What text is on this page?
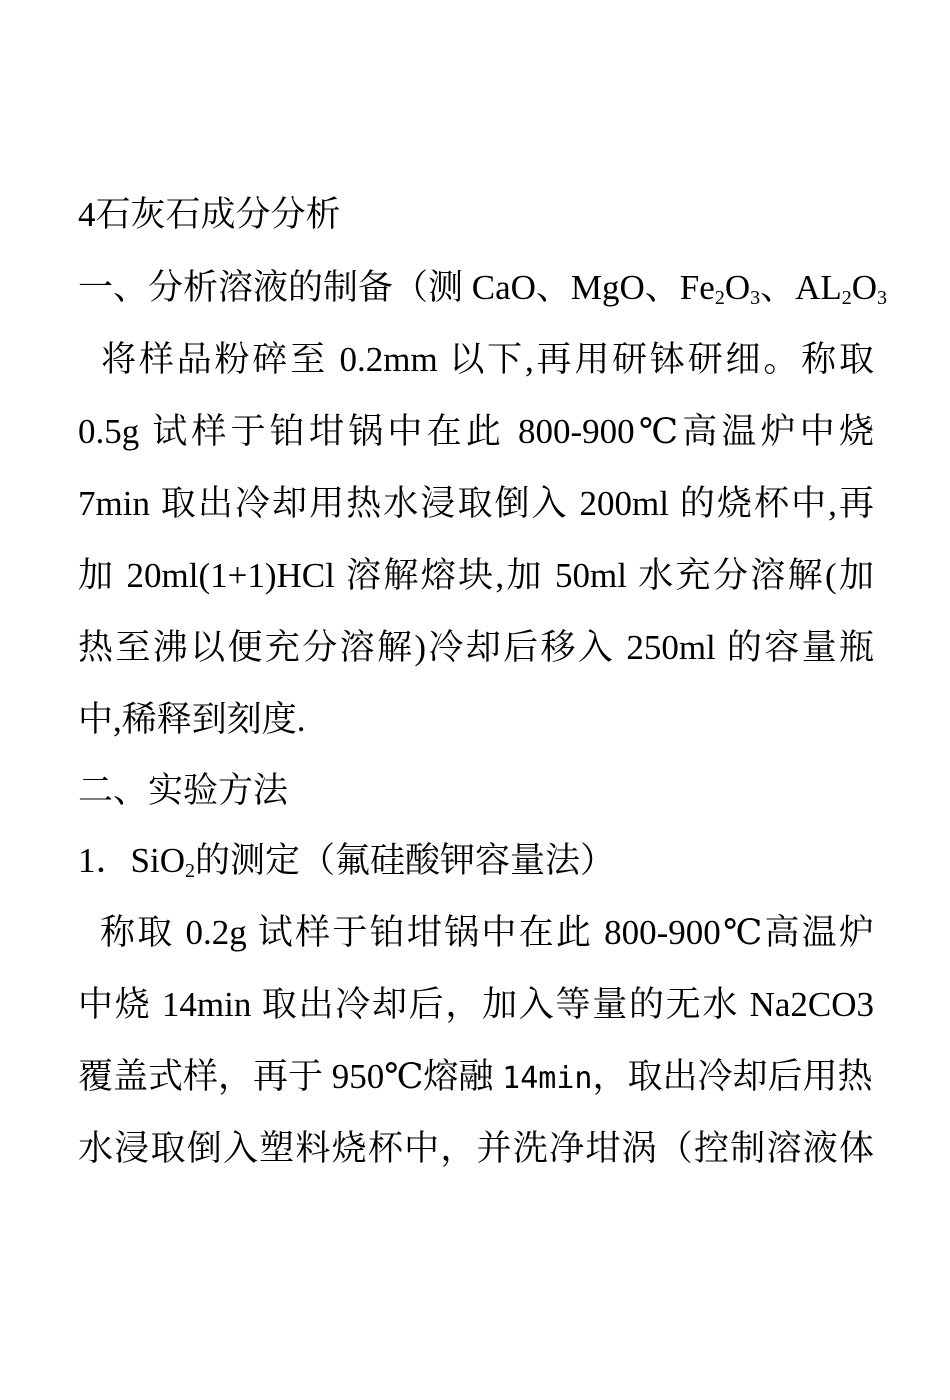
4石灰石成分分析
一、分析溶液的制备（测 CaO、MgO、$Fe_2O_3$、$AL_2O_3$
将样品粉碎至 0.2mm 以下,再用研钵研细。称取
0.5g 试样于铂坩锅中在此 800-900℃高温炉中烧
7min 取出冷却用热水浸取倒入 200ml 的烧杯中,再
加 20ml(1+1)HCl 溶解熔块,加 50ml 水充分溶解(加
热至沸以便充分溶解)冷却后移入 250ml 的容量瓶
中,稀释到刻度.
二、实验方法
1．SiO$_2$的测定（氟硅酸钾容量法）
称取 0.2g 试样于铂坩锅中在此 800-900℃高温炉
中烧 14min 取出冷却后，加入等量的无水 Na2CO3
覆盖式样，再于 950℃熔融 14min，取出冷却后用热
水浸取倒入塑料烧杯中，并洗净坩涡（控制溶液体
